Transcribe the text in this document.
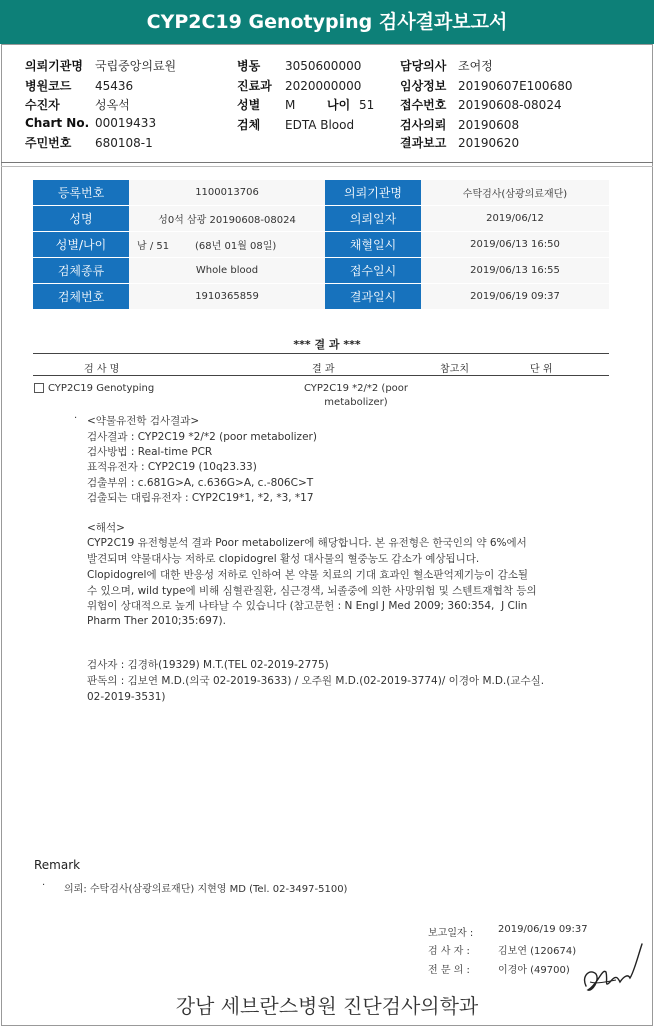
CYP2C19 Genotyping 검사결과보고서
의뢰기관명 국립중앙의료원
병원코드 45436
수진자	성옥석
Chart No. 00019433
주민번호 680108-1
병동 3050600000
진료과 2020000000
성별 M	나이 51
검체 EDTA Blood
담당의사 조여정
임상정보 20190607E100680
접수번호 20190608-08024
검사의뢰 20190608
결과보고 20190620
등록번호	1100013706	의뢰기관명	수탁검사(삼광의료재단)
성명	성0석 삼광 20190608-08024	의뢰일자	2019/06/12
성별/나이	남 / 51 (68년 01월 08일)	채혈일시	2019/06/13 16:50
검체종류	Whole blood	접수일시	2019/06/13 16:55
검체번호	1910365859	결과일시	2019/06/19 09:37
*** 결 과 ***
검 사 명	결 과	참고치	단 위
CYP2C19 Genotyping	CYP2C19 *2/*2 (poor
metabolizer)
· <약물유전학 검사결과>
검사결과 : CYP2C19 *2/*2 (poor metabolizer)
검사방법 : Real-time PCR
표적유전자 : CYP2C19 (10q23.33)
검출부위 : c.681G>A, c.636G>A, c.-806C>T
검출되는 대립유전자 : CYP2C19*1, *2, *3, *17
<해석>
CYP2C19 유전형분석 결과 Poor metabolizer에 해당합니다. 본 유전형은 한국인의 약 6%에서
발견되며 약물대사능 저하로 clopidogrel 활성 대사물의 혈중농도 감소가 예상됩니다.
Clopidogrel에 대한 반응성 저하로 인하여 본 약물 치료의 기대 효과인 혈소판억제기능이 감소될
수 있으며, wild type에 비해 심혈관질환, 심근경색, 뇌졸중에 의한 사망위험 및 스텐트재협착 등의
위험이 상대적으로 높게 나타날 수 있습니다 (참고문헌 : N Engl J Med 2009; 360:354,  J Clin
Pharm Ther 2010;35:697).
검사자 : 김경하(19329) M.T.(TEL 02-2019-2775)
판독의 : 김보연 M.D.(의국 02-2019-3633) / 오주원 M.D.(02-2019-3774)/ 이경아 M.D.(교수실.
02-2019-3531)
Remark
· 의뢰: 수탁검사(삼광의료재단) 지현영 MD (Tel. 02-3497-5100)
보고일자 : 2019/06/19 09:37
검 사 자 :	김보연 (120674)
전 문 의 :	이경아 (49700)
강남 세브란스병원 진단검사의학과
